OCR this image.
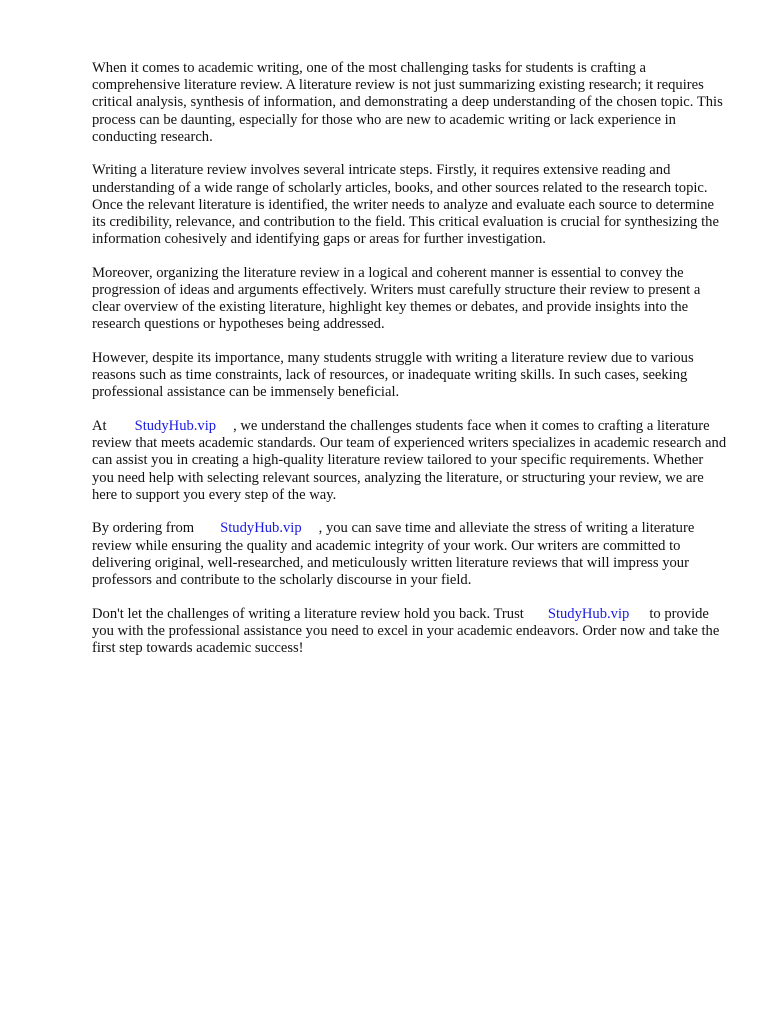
When it comes to academic writing, one of the most challenging tasks for students is crafting a comprehensive literature review. A literature review is not just summarizing existing research; it requires critical analysis, synthesis of information, and demonstrating a deep understanding of the chosen topic. This process can be daunting, especially for those who are new to academic writing or lack experience in conducting research.

Writing a literature review involves several intricate steps. Firstly, it requires extensive reading and understanding of a wide range of scholarly articles, books, and other sources related to the research topic. Once the relevant literature is identified, the writer needs to analyze and evaluate each source to determine its credibility, relevance, and contribution to the field. This critical evaluation is crucial for synthesizing the information cohesively and identifying gaps or areas for further investigation.

Moreover, organizing the literature review in a logical and coherent manner is essential to convey the progression of ideas and arguments effectively. Writers must carefully structure their review to present a clear overview of the existing literature, highlight key themes or debates, and provide insights into the research questions or hypotheses being addressed.

However, despite its importance, many students struggle with writing a literature review due to various reasons such as time constraints, lack of resources, or inadequate writing skills. In such cases, seeking professional assistance can be immensely beneficial.

At StudyHub.vip , we understand the challenges students face when it comes to crafting a literature review that meets academic standards. Our team of experienced writers specializes in academic research and can assist you in creating a high-quality literature review tailored to your specific requirements. Whether you need help with selecting relevant sources, analyzing the literature, or structuring your review, we are here to support you every step of the way.

By ordering from StudyHub.vip , you can save time and alleviate the stress of writing a literature review while ensuring the quality and academic integrity of your work. Our writers are committed to delivering original, well-researched, and meticulously written literature reviews that will impress your professors and contribute to the scholarly discourse in your field.

Don't let the challenges of writing a literature review hold you back. Trust StudyHub.vip to provide you with the professional assistance you need to excel in your academic endeavors. Order now and take the first step towards academic success!
